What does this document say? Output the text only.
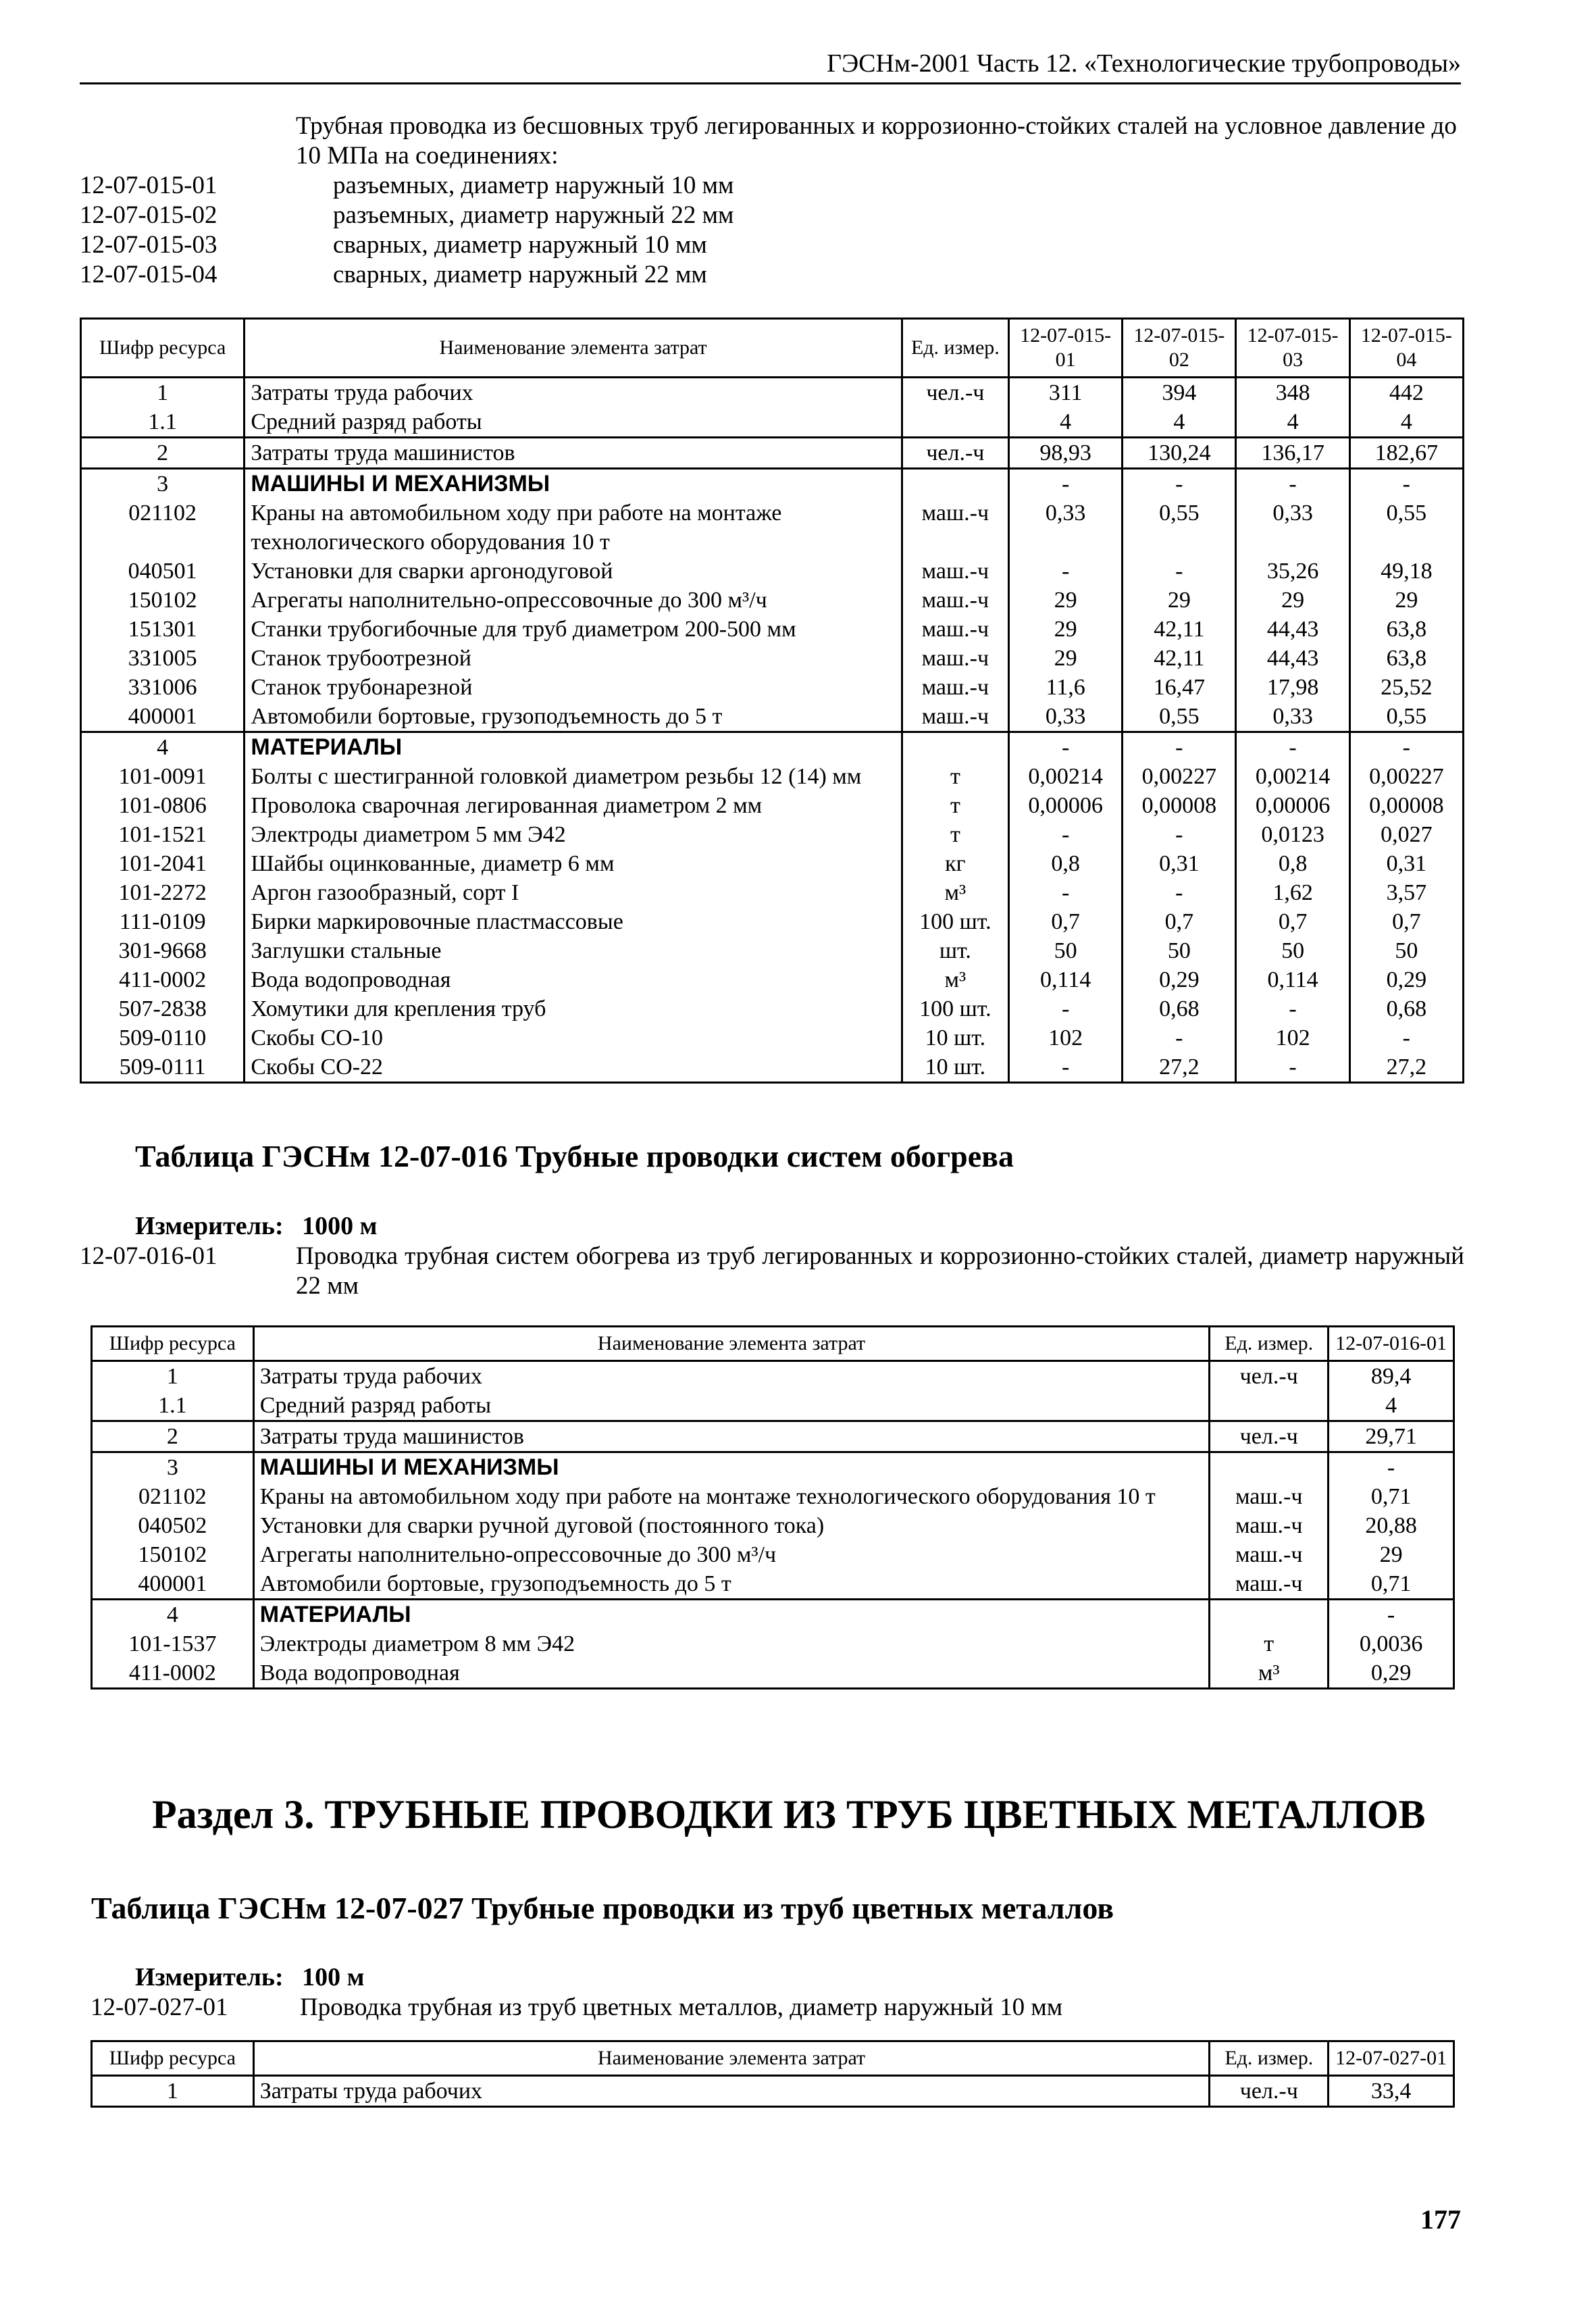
ГЭСНм-2001 Часть 12. «Технологические трубопроводы»
Трубная проводка из бесшовных труб легированных и коррозионно-стойких сталей на условное давление до 10 МПа на соединениях:
12-07-015-01	разъемных, диаметр наружный 10 мм
12-07-015-02	разъемных, диаметр наружный 22 мм
12-07-015-03	сварных, диаметр наружный 10 мм
12-07-015-04	сварных, диаметр наружный 22 мм
Шифр ресурса	Наименование элемента затрат	Ед. измер.	12-07-015-01	12-07-015-02	12-07-015-03	12-07-015-04
1	Затраты труда рабочих	чел.-ч	311	394	348	442
1.1	Средний разряд работы		4	4	4	4
2	Затраты труда машинистов	чел.-ч	98,93	130,24	136,17	182,67
3	МАШИНЫ И МЕХАНИЗМЫ		-	-	-	-
021102	Краны на автомобильном ходу при работе на монтаже технологического оборудования 10 т	маш.-ч	0,33	0,55	0,33	0,55
040501	Установки для сварки аргонодуговой	маш.-ч	-	-	35,26	49,18
150102	Агрегаты наполнительно-опрессовочные до 300 м³/ч	маш.-ч	29	29	29	29
151301	Станки трубогибочные для труб диаметром 200-500 мм	маш.-ч	29	42,11	44,43	63,8
331005	Станок трубоотрезной	маш.-ч	29	42,11	44,43	63,8
331006	Станок трубонарезной	маш.-ч	11,6	16,47	17,98	25,52
400001	Автомобили бортовые, грузоподъемность до 5 т	маш.-ч	0,33	0,55	0,33	0,55
4	МАТЕРИАЛЫ		-	-	-	-
101-0091	Болты с шестигранной головкой диаметром резьбы 12 (14) мм	т	0,00214	0,00227	0,00214	0,00227
101-0806	Проволока сварочная легированная диаметром 2 мм	т	0,00006	0,00008	0,00006	0,00008
101-1521	Электроды диаметром 5 мм Э42	т	-	-	0,0123	0,027
101-2041	Шайбы оцинкованные, диаметр 6 мм	кг	0,8	0,31	0,8	0,31
101-2272	Аргон газообразный, сорт I	м³	-	-	1,62	3,57
111-0109	Бирки маркировочные пластмассовые	100 шт.	0,7	0,7	0,7	0,7
301-9668	Заглушки стальные	шт.	50	50	50	50
411-0002	Вода водопроводная	м³	0,114	0,29	0,114	0,29
507-2838	Хомутики для крепления труб	100 шт.	-	0,68	-	0,68
509-0110	Скобы СО-10	10 шт.	102	-	102	-
509-0111	Скобы СО-22	10 шт.	-	27,2	-	27,2
Таблица ГЭСНм 12-07-016 Трубные проводки систем обогрева
Измеритель: 1000 м
12-07-016-01	Проводка трубная систем обогрева из труб легированных и коррозионно-стойких сталей, диаметр наружный 22 мм
Шифр ресурса	Наименование элемента затрат	Ед. измер.	12-07-016-01
1	Затраты труда рабочих	чел.-ч	89,4
1.1	Средний разряд работы		4
2	Затраты труда машинистов	чел.-ч	29,71
3	МАШИНЫ И МЕХАНИЗМЫ		-
021102	Краны на автомобильном ходу при работе на монтаже технологического оборудования 10 т	маш.-ч	0,71
040502	Установки для сварки ручной дуговой (постоянного тока)	маш.-ч	20,88
150102	Агрегаты наполнительно-опрессовочные до 300 м³/ч	маш.-ч	29
400001	Автомобили бортовые, грузоподъемность до 5 т	маш.-ч	0,71
4	МАТЕРИАЛЫ		-
101-1537	Электроды диаметром 8 мм Э42	т	0,0036
411-0002	Вода водопроводная	м³	0,29
Раздел 3. ТРУБНЫЕ ПРОВОДКИ ИЗ ТРУБ ЦВЕТНЫХ МЕТАЛЛОВ
Таблица ГЭСНм 12-07-027 Трубные проводки из труб цветных металлов
Измеритель: 100 м
12-07-027-01	Проводка трубная из труб цветных металлов, диаметр наружный 10 мм
Шифр ресурса	Наименование элемента затрат	Ед. измер.	12-07-027-01
1	Затраты труда рабочих	чел.-ч	33,4
177
